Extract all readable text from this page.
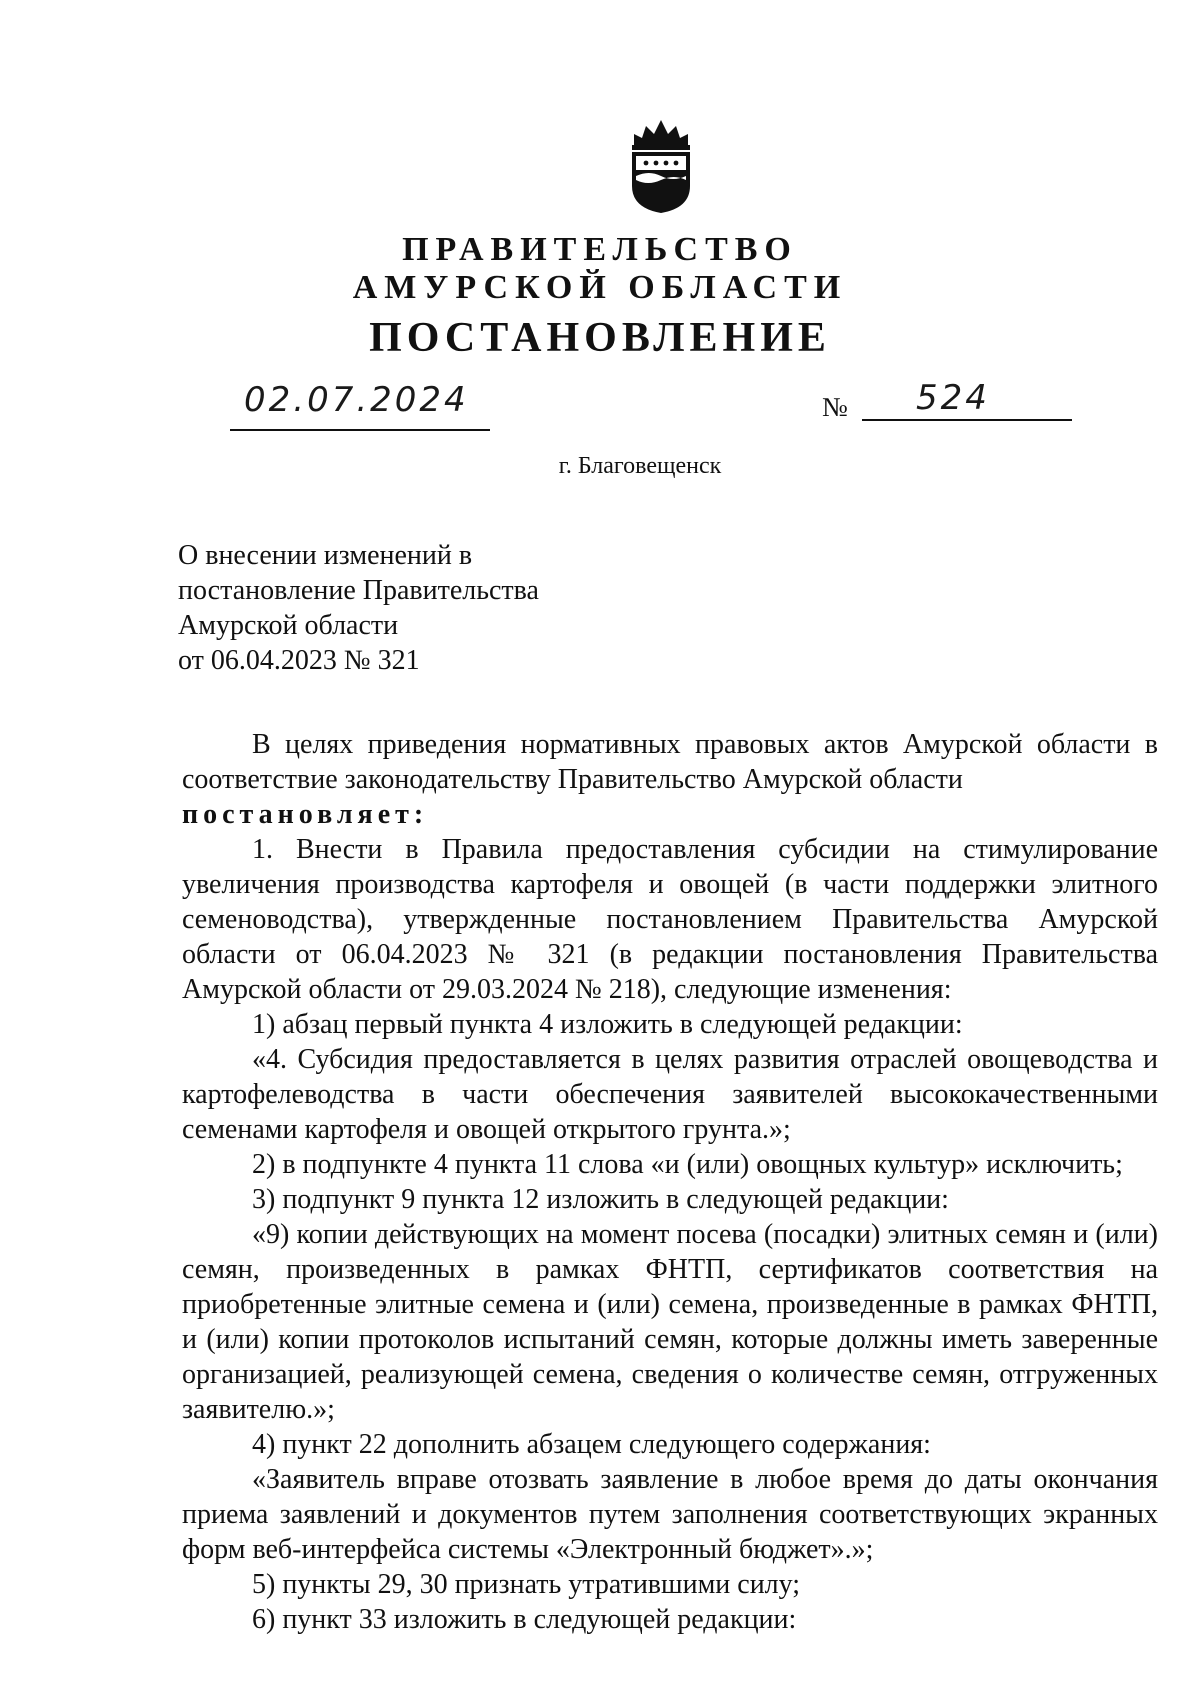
ПРАВИТЕЛЬСТВО
АМУРСКОЙ ОБЛАСТИ
ПОСТАНОВЛЕНИЕ
02.07.2024	№ 524
г. Благовещенск
О внесении изменений в
постановление Правительства
Амурской области
от 06.04.2023 № 321

В целях приведения нормативных правовых актов Амурской области в соответствие законодательству Правительство Амурской области

постановляет:

1. Внести в Правила предоставления субсидии на стимулирование увеличения производства картофеля и овощей (в части поддержки элитного семеноводства), утвержденные постановлением Правительства Амурской области от 06.04.2023 № 321 (в редакции постановления Правительства Амурской области от 29.03.2024 № 218), следующие изменения:

1) абзац первый пункта 4 изложить в следующей редакции:

«4. Субсидия предоставляется в целях развития отраслей овощеводства и картофелеводства в части обеспечения заявителей высококачественными семенами картофеля и овощей открытого грунта.»;

2) в подпункте 4 пункта 11 слова «и (или) овощных культур» исключить;

3) подпункт 9 пункта 12 изложить в следующей редакции:

«9) копии действующих на момент посева (посадки) элитных семян и (или) семян, произведенных в рамках ФНТП, сертификатов соответствия на приобретенные элитные семена и (или) семена, произведенные в рамках ФНТП, и (или) копии протоколов испытаний семян, которые должны иметь заверенные организацией, реализующей семена, сведения о количестве семян, отгруженных заявителю.»;

4) пункт 22 дополнить абзацем следующего содержания:

«Заявитель вправе отозвать заявление в любое время до даты окончания приема заявлений и документов путем заполнения соответствующих экранных форм веб-интерфейса системы «Электронный бюджет».»;

5) пункты 29, 30 признать утратившими силу;

6) пункт 33 изложить в следующей редакции:
